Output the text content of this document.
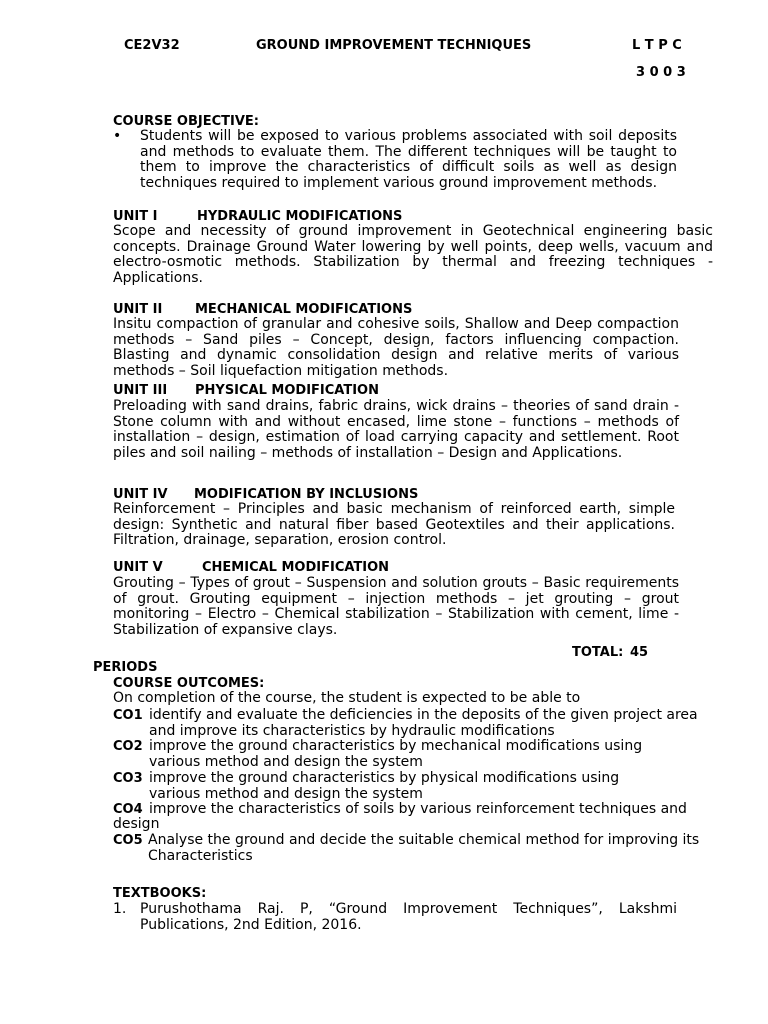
CE2V32	GROUND IMPROVEMENT TECHNIQUES	L T P C
3 0 0 3
COURSE OBJECTIVE:
• Students will be exposed to various problems associated with soil deposits and methods to evaluate them. The different techniques will be taught to them to improve the characteristics of difficult soils as well as design techniques required to implement various ground improvement methods.
UNIT I	HYDRAULIC MODIFICATIONS
Scope and necessity of ground improvement in Geotechnical engineering basic concepts. Drainage Ground Water lowering by well points, deep wells, vacuum and electro-osmotic methods. Stabilization by thermal and freezing techniques - Applications.
UNIT II	MECHANICAL MODIFICATIONS
Insitu compaction of granular and cohesive soils, Shallow and Deep compaction methods – Sand piles – Concept, design, factors influencing compaction. Blasting and dynamic consolidation design and relative merits of various methods – Soil liquefaction mitigation methods.
UNIT III PHYSICAL MODIFICATION
Preloading with sand drains, fabric drains, wick drains – theories of sand drain - Stone column with and without encased, lime stone – functions – methods of installation – design, estimation of load carrying capacity and settlement. Root piles and soil nailing – methods of installation – Design and Applications.
UNIT IV MODIFICATION BY INCLUSIONS
Reinforcement – Principles and basic mechanism of reinforced earth, simple design: Synthetic and natural fiber based Geotextiles and their applications. Filtration, drainage, separation, erosion control.
UNIT V	CHEMICAL MODIFICATION
Grouting – Types of grout – Suspension and solution grouts – Basic requirements of grout. Grouting equipment – injection methods – jet grouting – grout monitoring – Electro – Chemical stabilization – Stabilization with cement, lime - Stabilization of expansive clays.
TOTAL: 45
PERIODS
COURSE OUTCOMES:
On completion of the course, the student is expected to be able to
CO1 identify and evaluate the deficiencies in the deposits of the given project area
and improve its characteristics by hydraulic modifications
CO2 improve the ground characteristics by mechanical modifications using
various method and design the system
CO3 improve the ground characteristics by physical modifications using
various method and design the system
CO4 improve the characteristics of soils by various reinforcement techniques and
design
CO5 Analyse the ground and decide the suitable chemical method for improving its
Characteristics
TEXTBOOKS:
1. Purushothama Raj. P, “Ground Improvement Techniques”, Lakshmi
Publications, 2nd Edition, 2016.
